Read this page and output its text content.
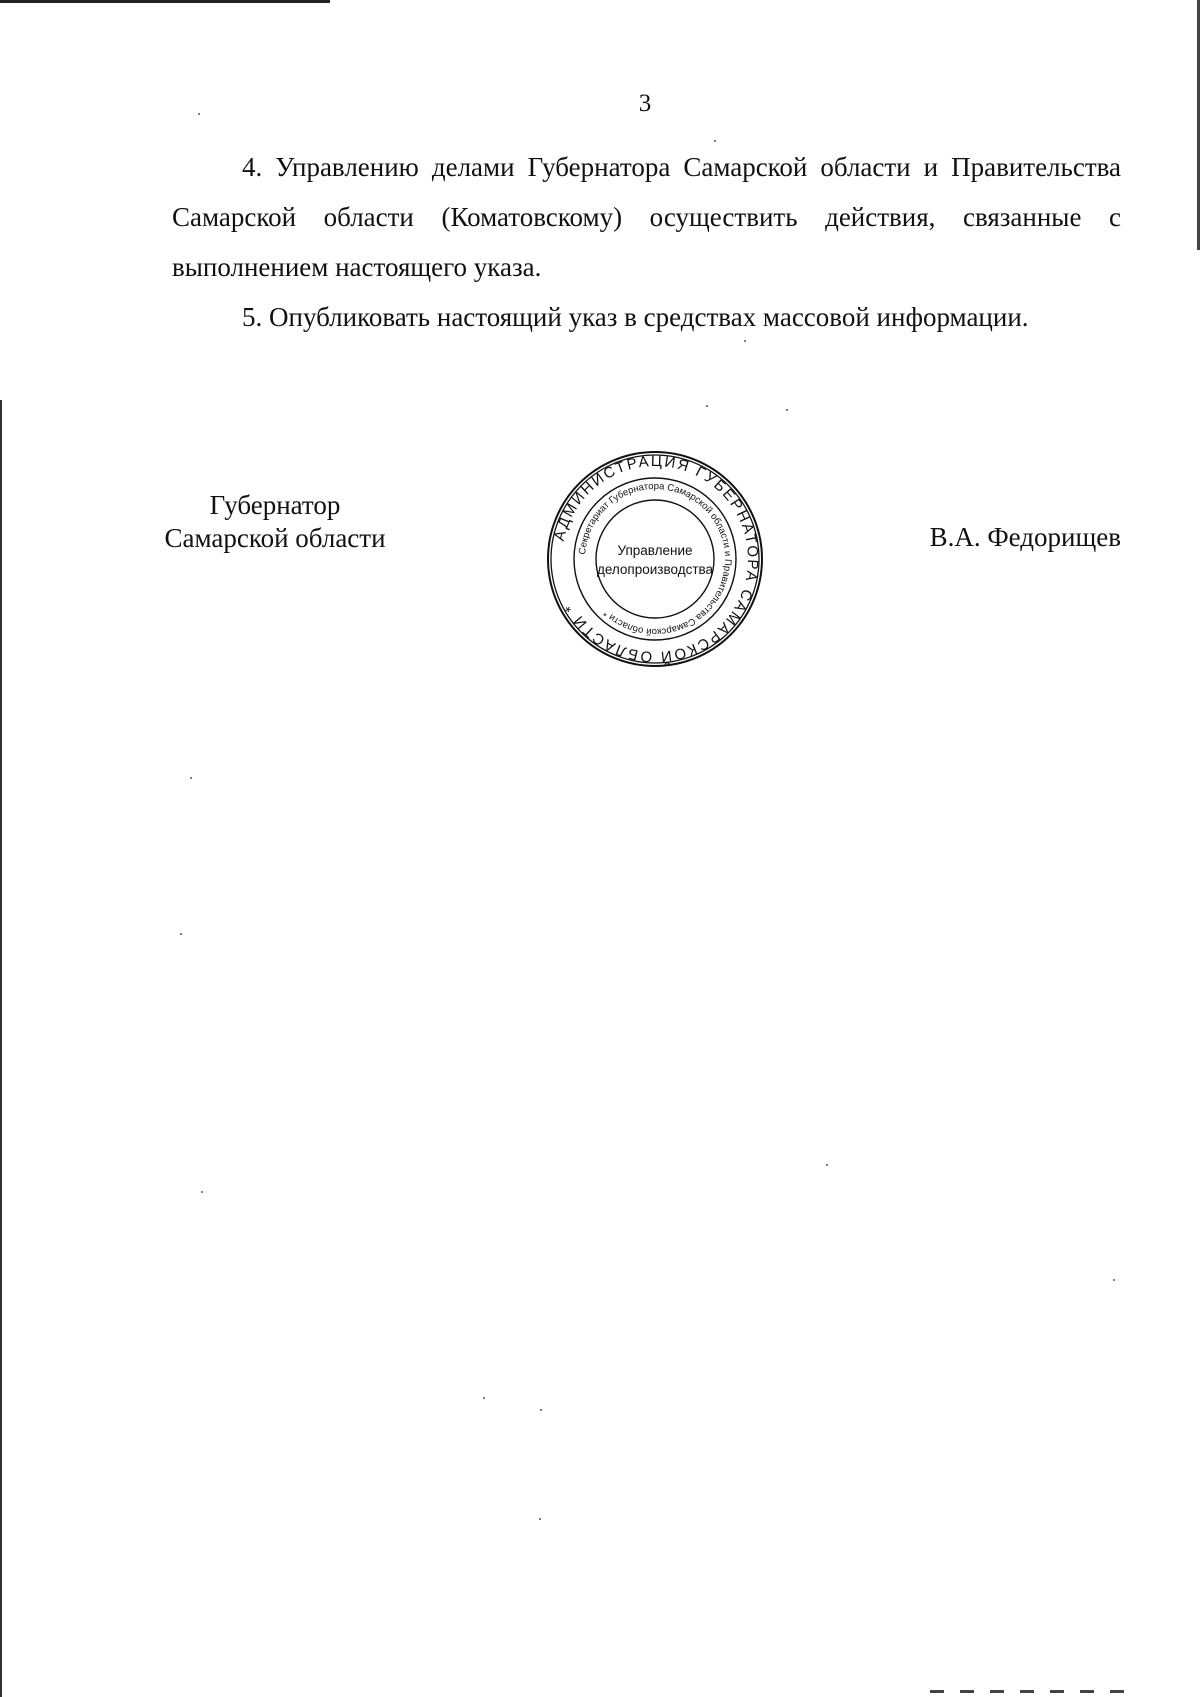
3

4. Управлению делами Губернатора Самарской области и Правительства Самарской области (Коматовскому) осуществить действия, связанные с выполнением настоящего указа.

5. Опубликовать настоящий указ в средствах массовой информации.

Губернатор
Самарской области	АДМИНИСТРАЦИЯ ГУБЕРНАТОРА САМАРСКОЙ ОБЛАСТИ *
Секретариат Губернатора Самарской области и Правительства Самарской области *
Управление
делопроизводства
В.А. Федорищев
